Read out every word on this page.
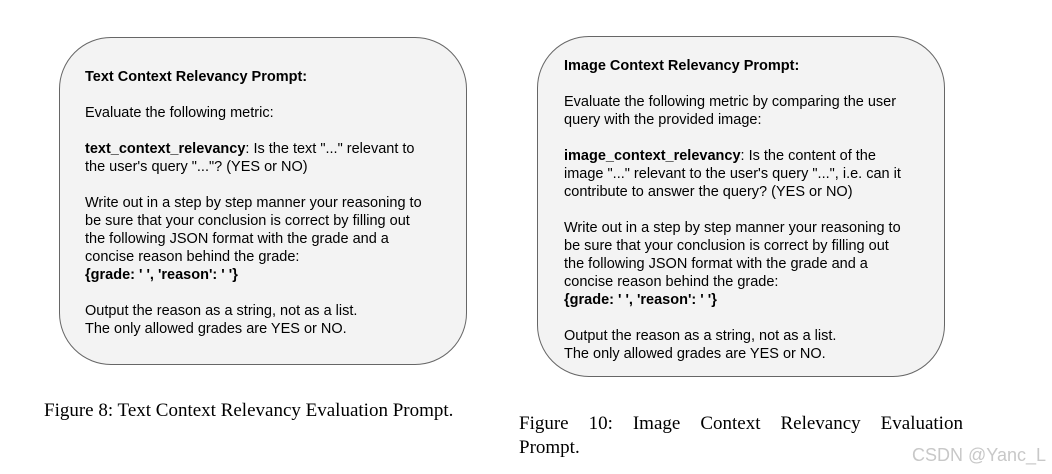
Text Context Relevancy Prompt:
Evaluate the following metric:
text_context_relevancy: Is the text "..." relevant to
the user's query "..."? (YES or NO)
Write out in a step by step manner your reasoning to
be sure that your conclusion is correct by filling out
the following JSON format with the grade and a
concise reason behind the grade:
{grade: ' ', 'reason': ' '}
Output the reason as a string, not as a list.
The only allowed grades are YES or NO.
Image Context Relevancy Prompt:
Evaluate the following metric by comparing the user
query with the provided image:
image_context_relevancy: Is the content of the
image "..." relevant to the user's query "...", i.e. can it
contribute to answer the query? (YES or NO)
Write out in a step by step manner your reasoning to
be sure that your conclusion is correct by filling out
the following JSON format with the grade and a
concise reason behind the grade:
{grade: ' ', 'reason': ' '}
Output the reason as a string, not as a list.
The only allowed grades are YES or NO.
Figure 8: Text Context Relevancy Evaluation Prompt.
Figure 10: Image Context Relevancy Evaluation
Prompt.	CSDN @Yanc_L
